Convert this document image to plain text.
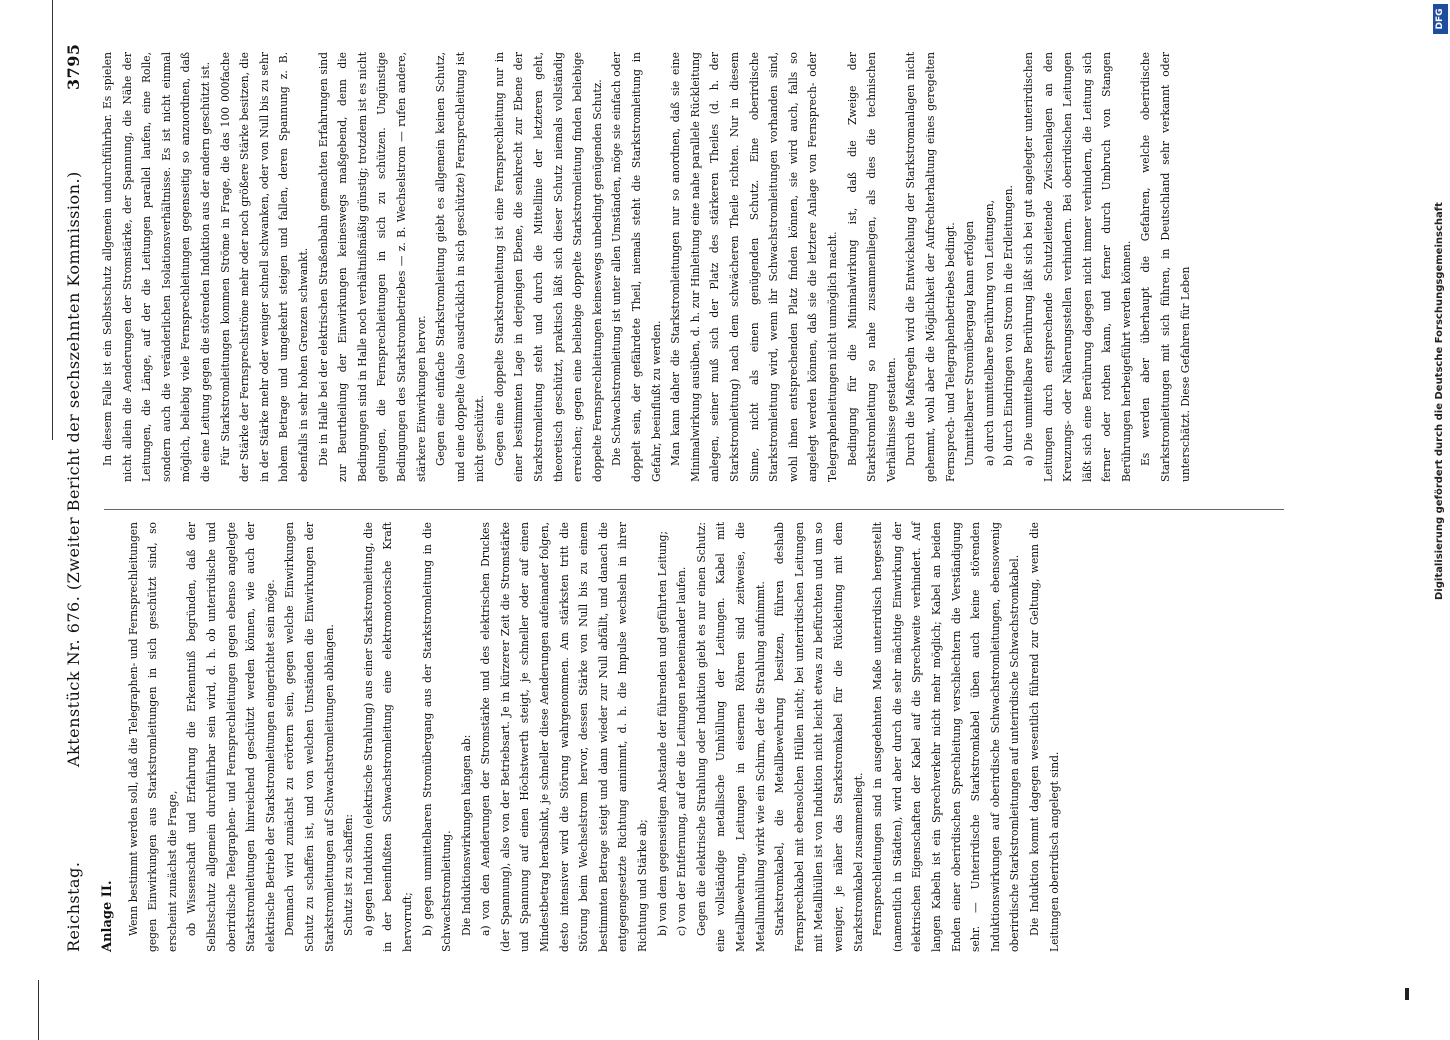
Reichstag.
Aktenstück Nr. 676. (Zweiter Bericht der sechszehnten Kommission.)
3795

Anlage II. Wenn bestimmt werden soll, daß die Telegraphen- und Fernsprechleitungen gegen Einwirkungen aus Starkstromleitungen in sich geschützt sind, so erscheint zunächst die Frage, ob Wissenschaft und Erfahrung die Erkenntniß begründen, daß der Selbstschutz allgemein durchführbar sein wird, d. h. ob unterirdische und oberirdische Telegraphen- und Fernsprechleitungen gegen ebenso angelegte Starkstromleitungen hinreichend geschützt werden können, wie auch der elektrische Betrieb der Starkstromleitungen eingerichtet sein möge. Demnach wird zunächst zu erörtern sein, gegen welche Einwirkungen Schutz zu schaffen ist, und von welchen Umständen die Einwirkungen der Starkstromleitungen auf Schwachstromleitungen abhängen. Schutz ist zu schaffen: a) gegen Induktion (elektrische Strahlung) aus einer Starkstromleitung, die in der beeinflußten Schwachstromleitung eine elektromotorische Kraft hervorruft; b) gegen unmittelbaren Stromübergang aus der Starkstromleitung in die Schwachstromleitung. Die Induktionswirkungen hängen ab: a) von den Aenderungen der Stromstärke und des elektrischen Druckes (der Spannung), also von der Betriebsart. Je in kürzerer Zeit die Stromstärke und Spannung auf einen Höchstwerth steigt, je schneller oder auf einen Mindestbetrag herabsinkt, je schneller diese Aenderungen aufeinander folgen, desto intensiver wird die Störung wahrgenommen. Am stärksten tritt die Störung beim Wechselstrom hervor, dessen Stärke von Null bis zu einem bestimmten Betrage steigt und dann wieder zur Null abfällt, und danach die entgegengesetzte Richtung annimmt, d. h. die Impulse wechseln in ihrer Richtung und Stärke ab; b) von dem gegenseitigen Abstande der führenden und geführten Leitung; c) von der Entfernung, auf der die Leitungen nebeneinander laufen. Gegen die elektrische Strahlung oder Induktion giebt es nur einen Schutz: eine vollständige metallische Umhüllung der Leitungen. Kabel mit Metallbewehrung, Leitungen in eisernen Röhren sind zeitweise, die Metallumhüllung wirkt wie ein Schirm, der die Strahlung aufnimmt. Starkstromkabel, die Metallbewehrung besitzen, führen deshalb Fernsprechkabel mit ebensolchen Hüllen nicht; bei unterirdischen Leitungen mit Metallhüllen ist von Induktion nicht leicht etwas zu befürchten und um so weniger, je näher das Starkstromkabel für die Rückleitung mit dem Starkstromkabel zusammenliegt. Fernsprechleitungen sind in ausgedehnten Maße unterirdisch hergestellt (namentlich in Städten), wird aber durch die sehr mächtige Einwirkung der elektrischen Eigenschaften der Kabel auf die Sprechweite verhindert. Auf langen Kabeln ist ein Sprechverkehr nicht mehr möglich; Kabel an beiden Enden einer oberirdischen Sprechleitung verschlechtern die Verständigung sehr. — Unterirdische Starkstromkabel üben auch keine störenden Induktionswirkungen auf oberirdische Schwachstromleitungen, ebensowenig oberirdische Starkstromleitungen auf unterirdische Schwachstromkabel. Die Induktion kommt dagegen wesentlich führend zur Geltung, wenn die Leitungen oberirdisch angelegt sind.

In diesem Falle ist ein Selbstschutz allgemein undurchführbar. Es spielen nicht allein die Aenderungen der Stromstärke, der Spannung, die Nähe der Leitungen, die Länge, auf der die Leitungen parallel laufen, eine Rolle, sondern auch die veränderlichen Isolationsverhältnisse. Es ist nicht einmal möglich, beliebig viele Fernsprechleitungen gegenseitig so anzuordnen, daß die eine Leitung gegen die störenden Induktion aus der andern geschützt ist. Für Starkstromleitungen kommen Ströme in Frage, die das 100 000fache der Stärke der Fernsprechströme mehr oder noch größere Stärke besitzen, die in der Stärke mehr oder weniger schnell schwanken, oder von Null bis zu sehr hohem Betrage und umgekehrt steigen und fallen, deren Spannung z. B. ebenfalls in sehr hohen Grenzen schwankt. Die in Halle bei der elektrischen Straßenbahn gemachten Erfahrungen sind zur Beurtheilung der Einwirkungen keineswegs maßgebend, denn die Bedingungen sind in Halle noch verhältnißmäßig günstig; trotzdem ist es nicht gelungen, die Fernsprechleitungen in sich zu schützen. Ungünstige Bedingungen des Starkstrombetriebes — z. B. Wechselstrom — rufen andere, stärkere Einwirkungen hervor. Gegen eine einfache Starkstromleitung giebt es allgemein keinen Schutz, und eine doppelte (also ausdrücklich in sich geschützte) Fernsprechleitung ist nicht geschützt. Gegen eine doppelte Starkstromleitung ist eine Fernsprechleitung nur in einer bestimmten Lage in derjenigen Ebene, die senkrecht zur Ebene der Starkstromleitung steht und durch die Mittellinie der letzteren geht, theoretisch geschützt, praktisch läßt sich dieser Schutz niemals vollständig erreichen; gegen eine beliebige doppelte Starkstromleitung finden beliebige doppelte Fernsprechleitungen keineswegs unbedingt genügenden Schutz. Die Schwachstromleitung ist unter allen Umständen, möge sie einfach oder doppelt sein, der gefährdete Theil, niemals steht die Starkstromleitung in Gefahr, beeinflußt zu werden. Man kann daher die Starkstromleitungen nur so anordnen, daß sie eine Minimalwirkung ausüben, d. h. zur Hinleitung eine nahe parallele Rückleitung anlegen, seiner muß sich der Platz des stärkeren Theiles (d. h. der Starkstromleitung) nach dem schwächeren Theile richten. Nur in diesem Sinne, nicht als einen genügenden Schutz. Eine oberirdische Starkstromleitung wird, wenn ihr Schwachstromleitungen vorhanden sind, wohl ihnen entsprechenden Platz finden können, sie wird auch, falls so angelegt werden können, daß sie die letztere Anlage von Fernsprech- oder Telegraphenleitungen nicht unmöglich macht. Bedingung für die Minimalwirkung ist, daß die Zweige der Starkstromleitung so nahe zusammenliegen, als dies die technischen Verhältnisse gestatten. Durch die Maßregeln wird die Entwickelung der Starkstromanlagen nicht gehemmt, wohl aber die Möglichkeit der Aufrechterhaltung eines geregelten Fernsprech- und Telegraphenbetriebes bedingt. Unmittelbarer Stromübergang kann erfolgen a) durch unmittelbare Berührung von Leitungen, b) durch Eindringen von Strom in die Erdleitungen. a) Die unmittelbare Berührung läßt sich bei gut angelegter unterirdischen Leitungen durch entsprechende Schutzleitende Zwischenlagen an den Kreuzungs- oder Näherungsstellen verhindern. Bei oberirdischen Leitungen läßt sich eine Berührung dagegen nicht immer verhindern, die Leitung sich ferner oder rothen kann, und ferner durch Umbruch von Stangen Berührungen herbeigeführt werden können. Es werden aber überhaupt die Gefahren, welche oberirdische Starkstromleitungen mit sich führen, in Deutschland sehr verkannt oder unterschätzt. Diese Gefahren für Leben	Digitalisierung gefördert durch die Deutsche Forschungsgemeinschaft
DFG
